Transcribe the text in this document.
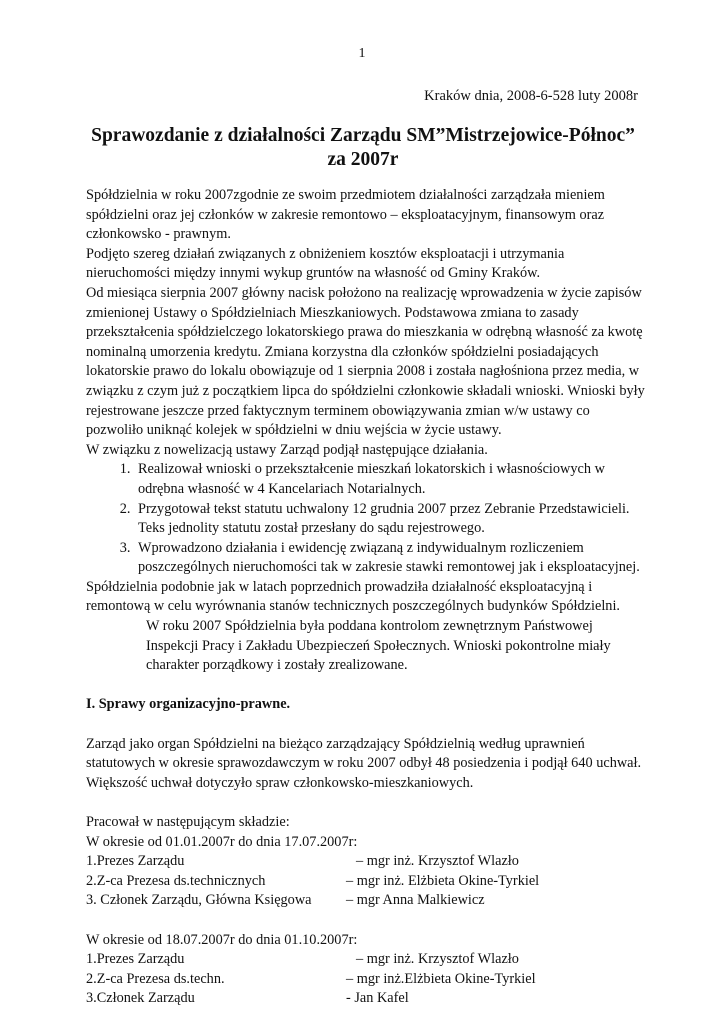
1
Kraków dnia, 2008-6-528 luty 2008r
Sprawozdanie z działalności Zarządu SM”Mistrzejowice-Północ”
za 2007r

Spółdzielnia w roku 2007zgodnie ze swoim przedmiotem działalności zarządzała mieniem spółdzielni oraz jej członków w zakresie remontowo – eksploatacyjnym, finansowym oraz członkowsko - prawnym.

Podjęto szereg działań związanych z obniżeniem kosztów eksploatacji i utrzymania nieruchomości między innymi wykup gruntów na własność od Gminy Kraków.

Od miesiąca sierpnia 2007 główny nacisk położono na realizację wprowadzenia w życie zapisów zmienionej Ustawy o Spółdzielniach Mieszkaniowych. Podstawowa zmiana to zasady przekształcenia spółdzielczego lokatorskiego prawa do mieszkania w odrębną własność za kwotę nominalną umorzenia kredytu. Zmiana korzystna dla członków spółdzielni posiadających lokatorskie prawo do lokalu obowiązuje od 1 sierpnia 2008 i została nagłośniona przez media, w związku z czym już z początkiem lipca do spółdzielni członkowie składali wnioski. Wnioski były rejestrowane jeszcze przed faktycznym terminem obowiązywania zmian w/w ustawy co pozwoliło uniknąć kolejek w spółdzielni w dniu wejścia w życie ustawy.

W związku z nowelizacją ustawy Zarząd podjął następujące działania.

1. Realizował wnioski o przekształcenie mieszkań lokatorskich i własnościowych w odrębna własność w 4 Kancelariach Notarialnych.
2. Przygotował tekst statutu uchwalony 12 grudnia 2007 przez Zebranie Przedstawicieli. Teks jednolity statutu został przesłany do sądu rejestrowego.
3. Wprowadzono działania i ewidencję związaną z indywidualnym rozliczeniem poszczególnych nieruchomości tak w zakresie stawki remontowej jak i eksploatacyjnej.

Spółdzielnia podobnie jak w latach poprzednich prowadziła działalność eksploatacyjną i remontową w celu wyrównania stanów technicznych poszczególnych budynków Spółdzielni.

W roku 2007 Spółdzielnia była poddana kontrolom zewnętrznym Państwowej Inspekcji Pracy i Zakładu Ubezpieczeń Społecznych. Wnioski pokontrolne miały charakter porządkowy i zostały zrealizowane.

I. Sprawy organizacyjno-prawne.

Zarząd jako organ Spółdzielni na bieżąco zarządzający Spółdzielnią według uprawnień statutowych w okresie sprawozdawczym w roku 2007 odbył 48 posiedzenia i podjął 640 uchwał. Większość uchwał dotyczyło spraw członkowsko-mieszkaniowych.

Pracował w następującym składzie:

W okresie od 01.01.2007r do dnia 17.07.2007r:

1.Prezes Zarządu	– mgr inż. Krzysztof Wlazło
2.Z-ca Prezesa ds.technicznych	– mgr inż. Elżbieta Okine-Tyrkiel
3. Członek Zarządu, Główna Księgowa	– mgr Anna Malkiewicz

W okresie od 18.07.2007r do dnia 01.10.2007r:

1.Prezes Zarządu	– mgr inż. Krzysztof Wlazło
2.Z-ca Prezesa ds.techn.	– mgr inż.Elżbieta Okine-Tyrkiel
3.Członek Zarządu	- Jan Kafel
